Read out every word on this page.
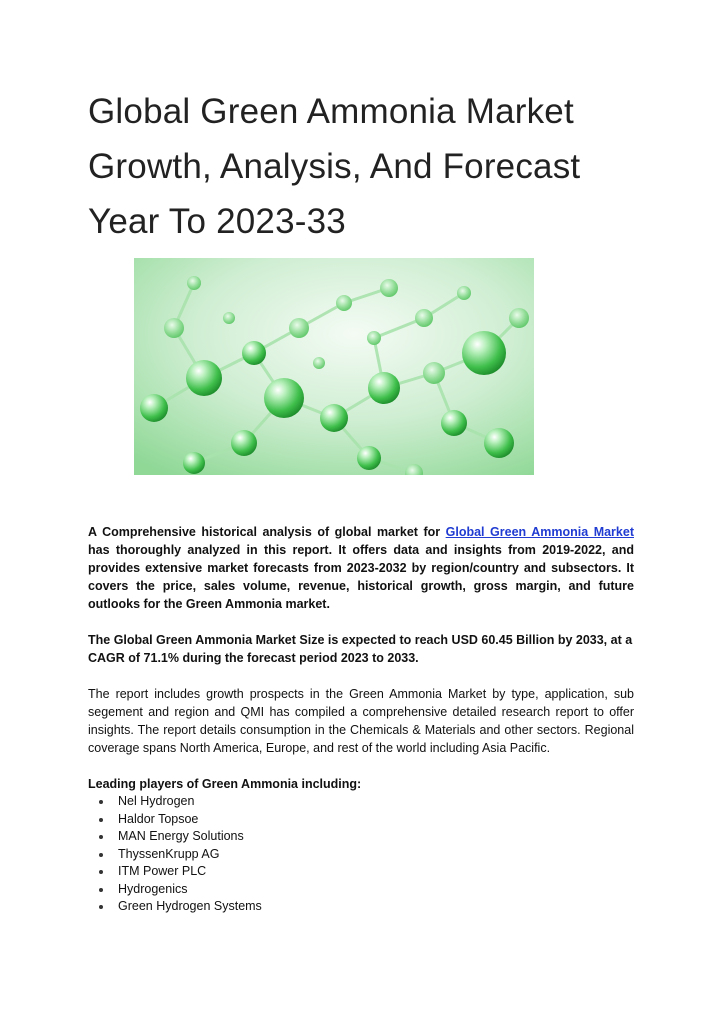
Global Green Ammonia Market
Growth, Analysis, And Forecast
Year To 2023-33

A Comprehensive historical analysis of global market for Global Green Ammonia Market has thoroughly analyzed in this report. It offers data and insights from 2019-2022, and provides extensive market forecasts from 2023-2032 by region/country and subsectors. It covers the price, sales volume, revenue, historical growth, gross margin, and future outlooks for the Green Ammonia market.

The Global Green Ammonia Market Size is expected to reach USD 60.45 Billion by 2033, at a CAGR of 71.1% during the forecast period 2023 to 2033.

The report includes growth prospects in the Green Ammonia Market by type, application, sub segement and region and QMI has compiled a comprehensive detailed research report to offer insights. The report details consumption in the Chemicals & Materials and other sectors. Regional coverage spans North America, Europe, and rest of the world including Asia Pacific.

Leading players of Green Ammonia including:

Nel Hydrogen
Haldor Topsoe
MAN Energy Solutions
ThyssenKrupp AG
ITM Power PLC
Hydrogenics
Green Hydrogen Systems
